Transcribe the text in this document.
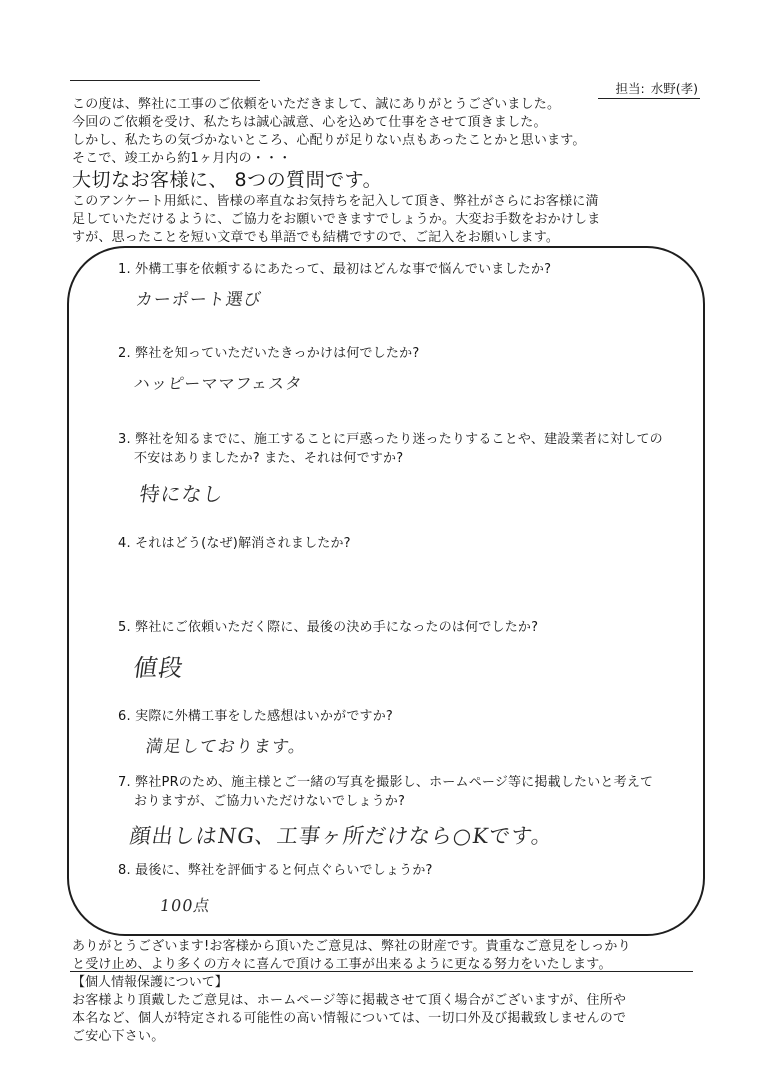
担当: 水野(孝)
この度は、弊社に工事のご依頼をいただきまして、誠にありがとうございました。
今回のご依頼を受け、私たちは誠心誠意、心を込めて仕事をさせて頂きました。
しかし、私たちの気づかないところ、心配りが足りない点もあったことかと思います。
そこで、竣工から約1ヶ月内の・・・
大切なお客様に、 8つの質問です。
このアンケート用紙に、皆様の率直なお気持ちを記入して頂き、弊社がさらにお客様に満
足していただけるように、ご協力をお願いできますでしょうか。大変お手数をおかけしま
すが、思ったことを短い文章でも単語でも結構ですので、ご記入をお願いします。
1. 外構工事を依頼するにあたって、最初はどんな事で悩んでいましたか?
カーポート選び
2. 弊社を知っていただいたきっかけは何でしたか?
ハッピーママフェスタ
3. 弊社を知るまでに、施工することに戸惑ったり迷ったりすることや、建設業者に対しての
不安はありましたか? また、それは何ですか?
特になし
4. それはどう(なぜ)解消されましたか?
5. 弊社にご依頼いただく際に、最後の決め手になったのは何でしたか?
値段
6. 実際に外構工事をした感想はいかがですか?
満足しております。
7. 弊社PRのため、施主様とご一緒の写真を撮影し、ホームページ等に掲載したいと考えて
おりますが、ご協力いただけないでしょうか?
顔出しはNG、工事ヶ所だけなら○Kです。
8. 最後に、弊社を評価すると何点ぐらいでしょうか?
100点
ありがとうございます!お客様から頂いたご意見は、弊社の財産です。貴重なご意見をしっかり
と受け止め、より多くの方々に喜んで頂ける工事が出来るように更なる努力をいたします。
【個人情報保護について】
お客様より頂戴したご意見は、ホームページ等に掲載させて頂く場合がございますが、住所や
本名など、個人が特定される可能性の高い情報については、一切口外及び掲載致しませんので
ご安心下さい。
